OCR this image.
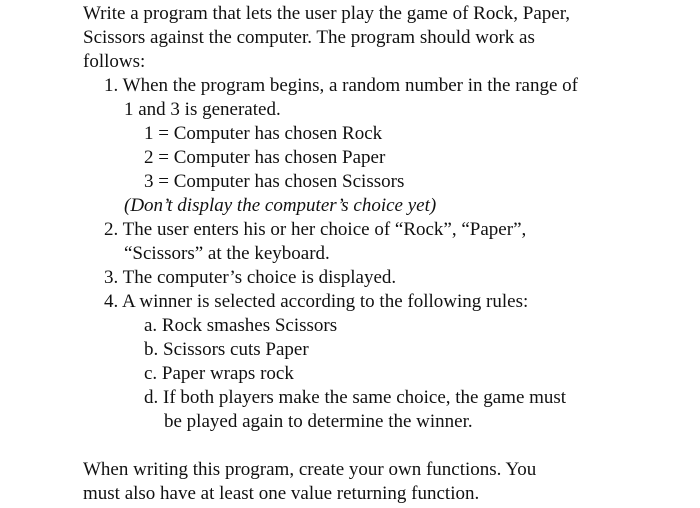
Write a program that lets the user play the game of Rock, Paper,
Scissors against the computer. The program should work as
follows:
1. When the program begins, a random number in the range of
1 and 3 is generated.
1 = Computer has chosen Rock
2 = Computer has chosen Paper
3 = Computer has chosen Scissors
(Don’t display the computer’s choice yet)
2. The user enters his or her choice of “Rock”, “Paper”,
“Scissors” at the keyboard.
3. The computer’s choice is displayed.
4. A winner is selected according to the following rules:
a. Rock smashes Scissors
b. Scissors cuts Paper
c. Paper wraps rock
d. If both players make the same choice, the game must
be played again to determine the winner.
When writing this program, create your own functions. You
must also have at least one value returning function.
